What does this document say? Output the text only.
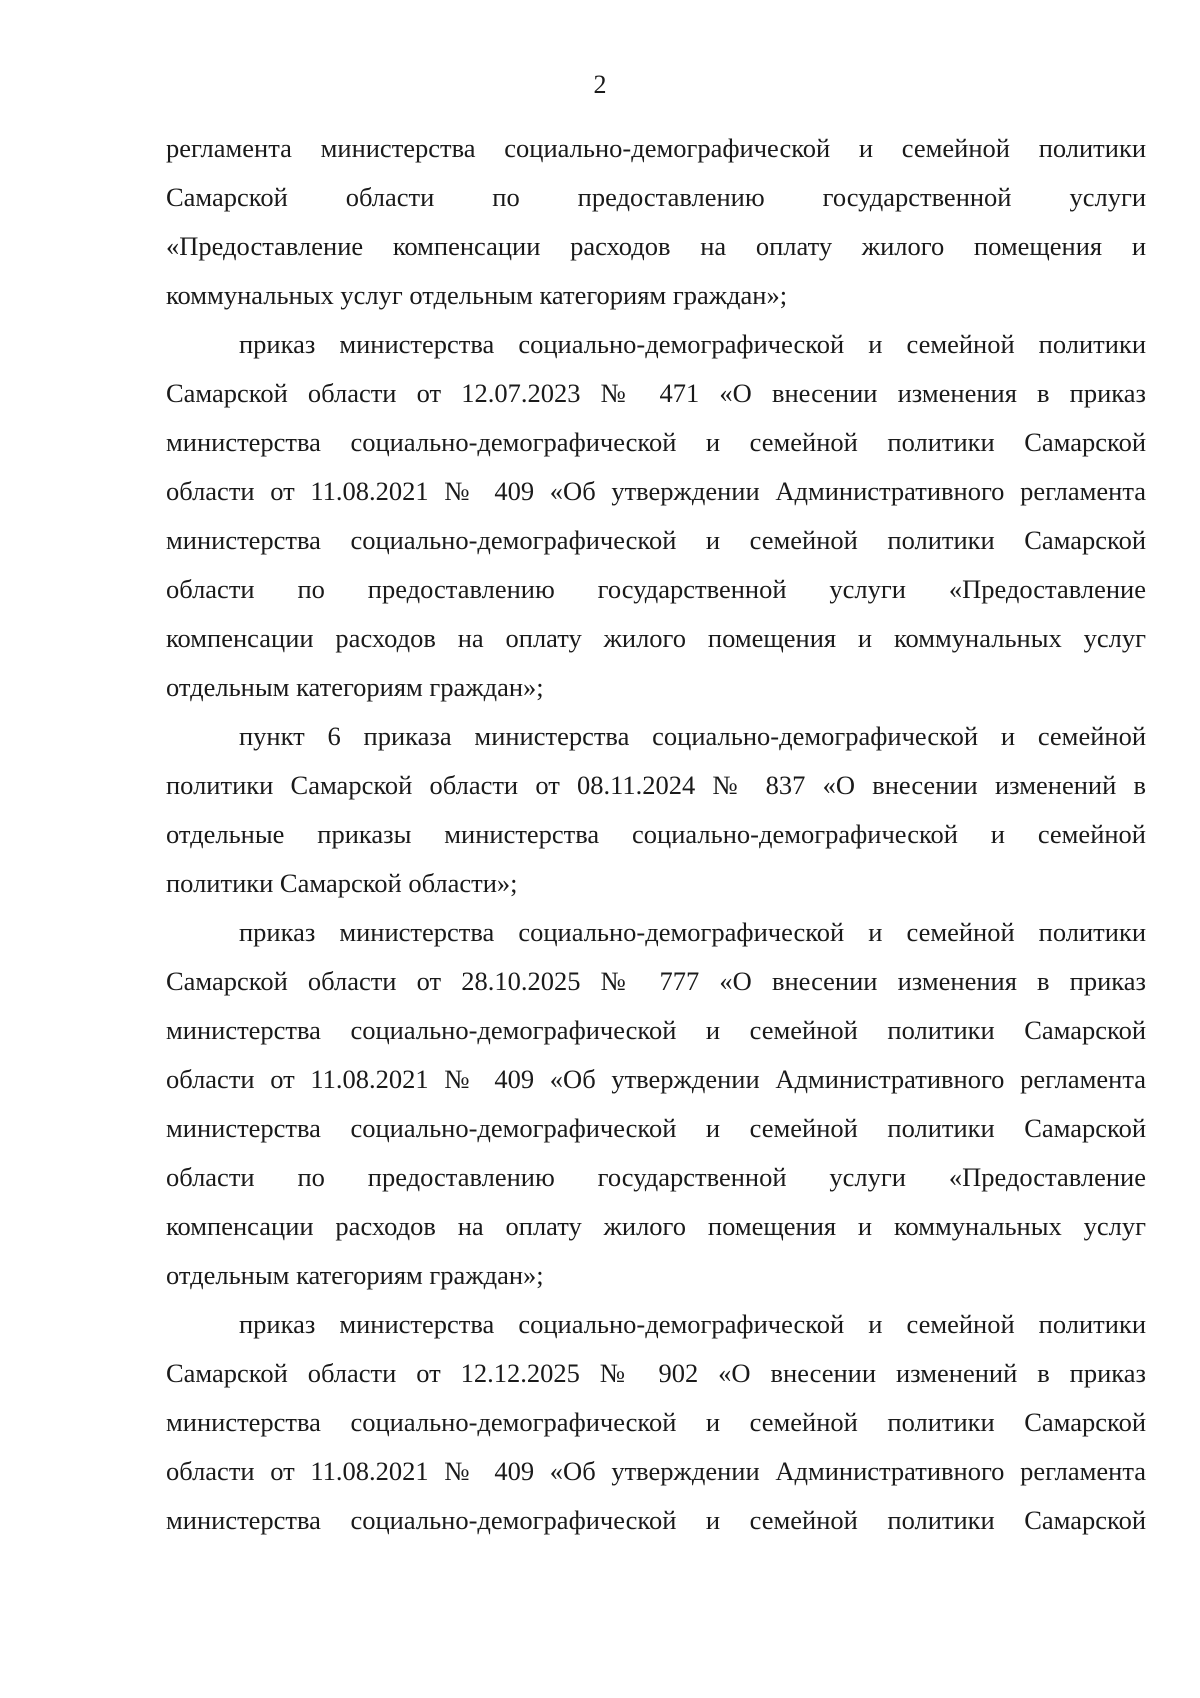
2
регламента министерства социально-демографической и семейной политики
Самарской области по предоставлению государственной услуги
«Предоставление компенсации расходов на оплату жилого помещения и
коммунальных услуг отдельным категориям граждан»;
приказ министерства социально-демографической и семейной политики
Самарской области от 12.07.2023 № 471 «О внесении изменения в приказ
министерства социально-демографической и семейной политики Самарской
области от 11.08.2021 № 409 «Об утверждении Административного регламента
министерства социально-демографической и семейной политики Самарской
области по предоставлению государственной услуги «Предоставление
компенсации расходов на оплату жилого помещения и коммунальных услуг
отдельным категориям граждан»;
пункт 6 приказа министерства социально-демографической и семейной
политики Самарской области от 08.11.2024 № 837 «О внесении изменений в
отдельные приказы министерства социально-демографической и семейной
политики Самарской области»;
приказ министерства социально-демографической и семейной политики
Самарской области от 28.10.2025 № 777 «О внесении изменения в приказ
министерства социально-демографической и семейной политики Самарской
области от 11.08.2021 № 409 «Об утверждении Административного регламента
министерства социально-демографической и семейной политики Самарской
области по предоставлению государственной услуги «Предоставление
компенсации расходов на оплату жилого помещения и коммунальных услуг
отдельным категориям граждан»;
приказ министерства социально-демографической и семейной политики
Самарской области от 12.12.2025 № 902 «О внесении изменений в приказ
министерства социально-демографической и семейной политики Самарской
области от 11.08.2021 № 409 «Об утверждении Административного регламента
министерства социально-демографической и семейной политики Самарской
